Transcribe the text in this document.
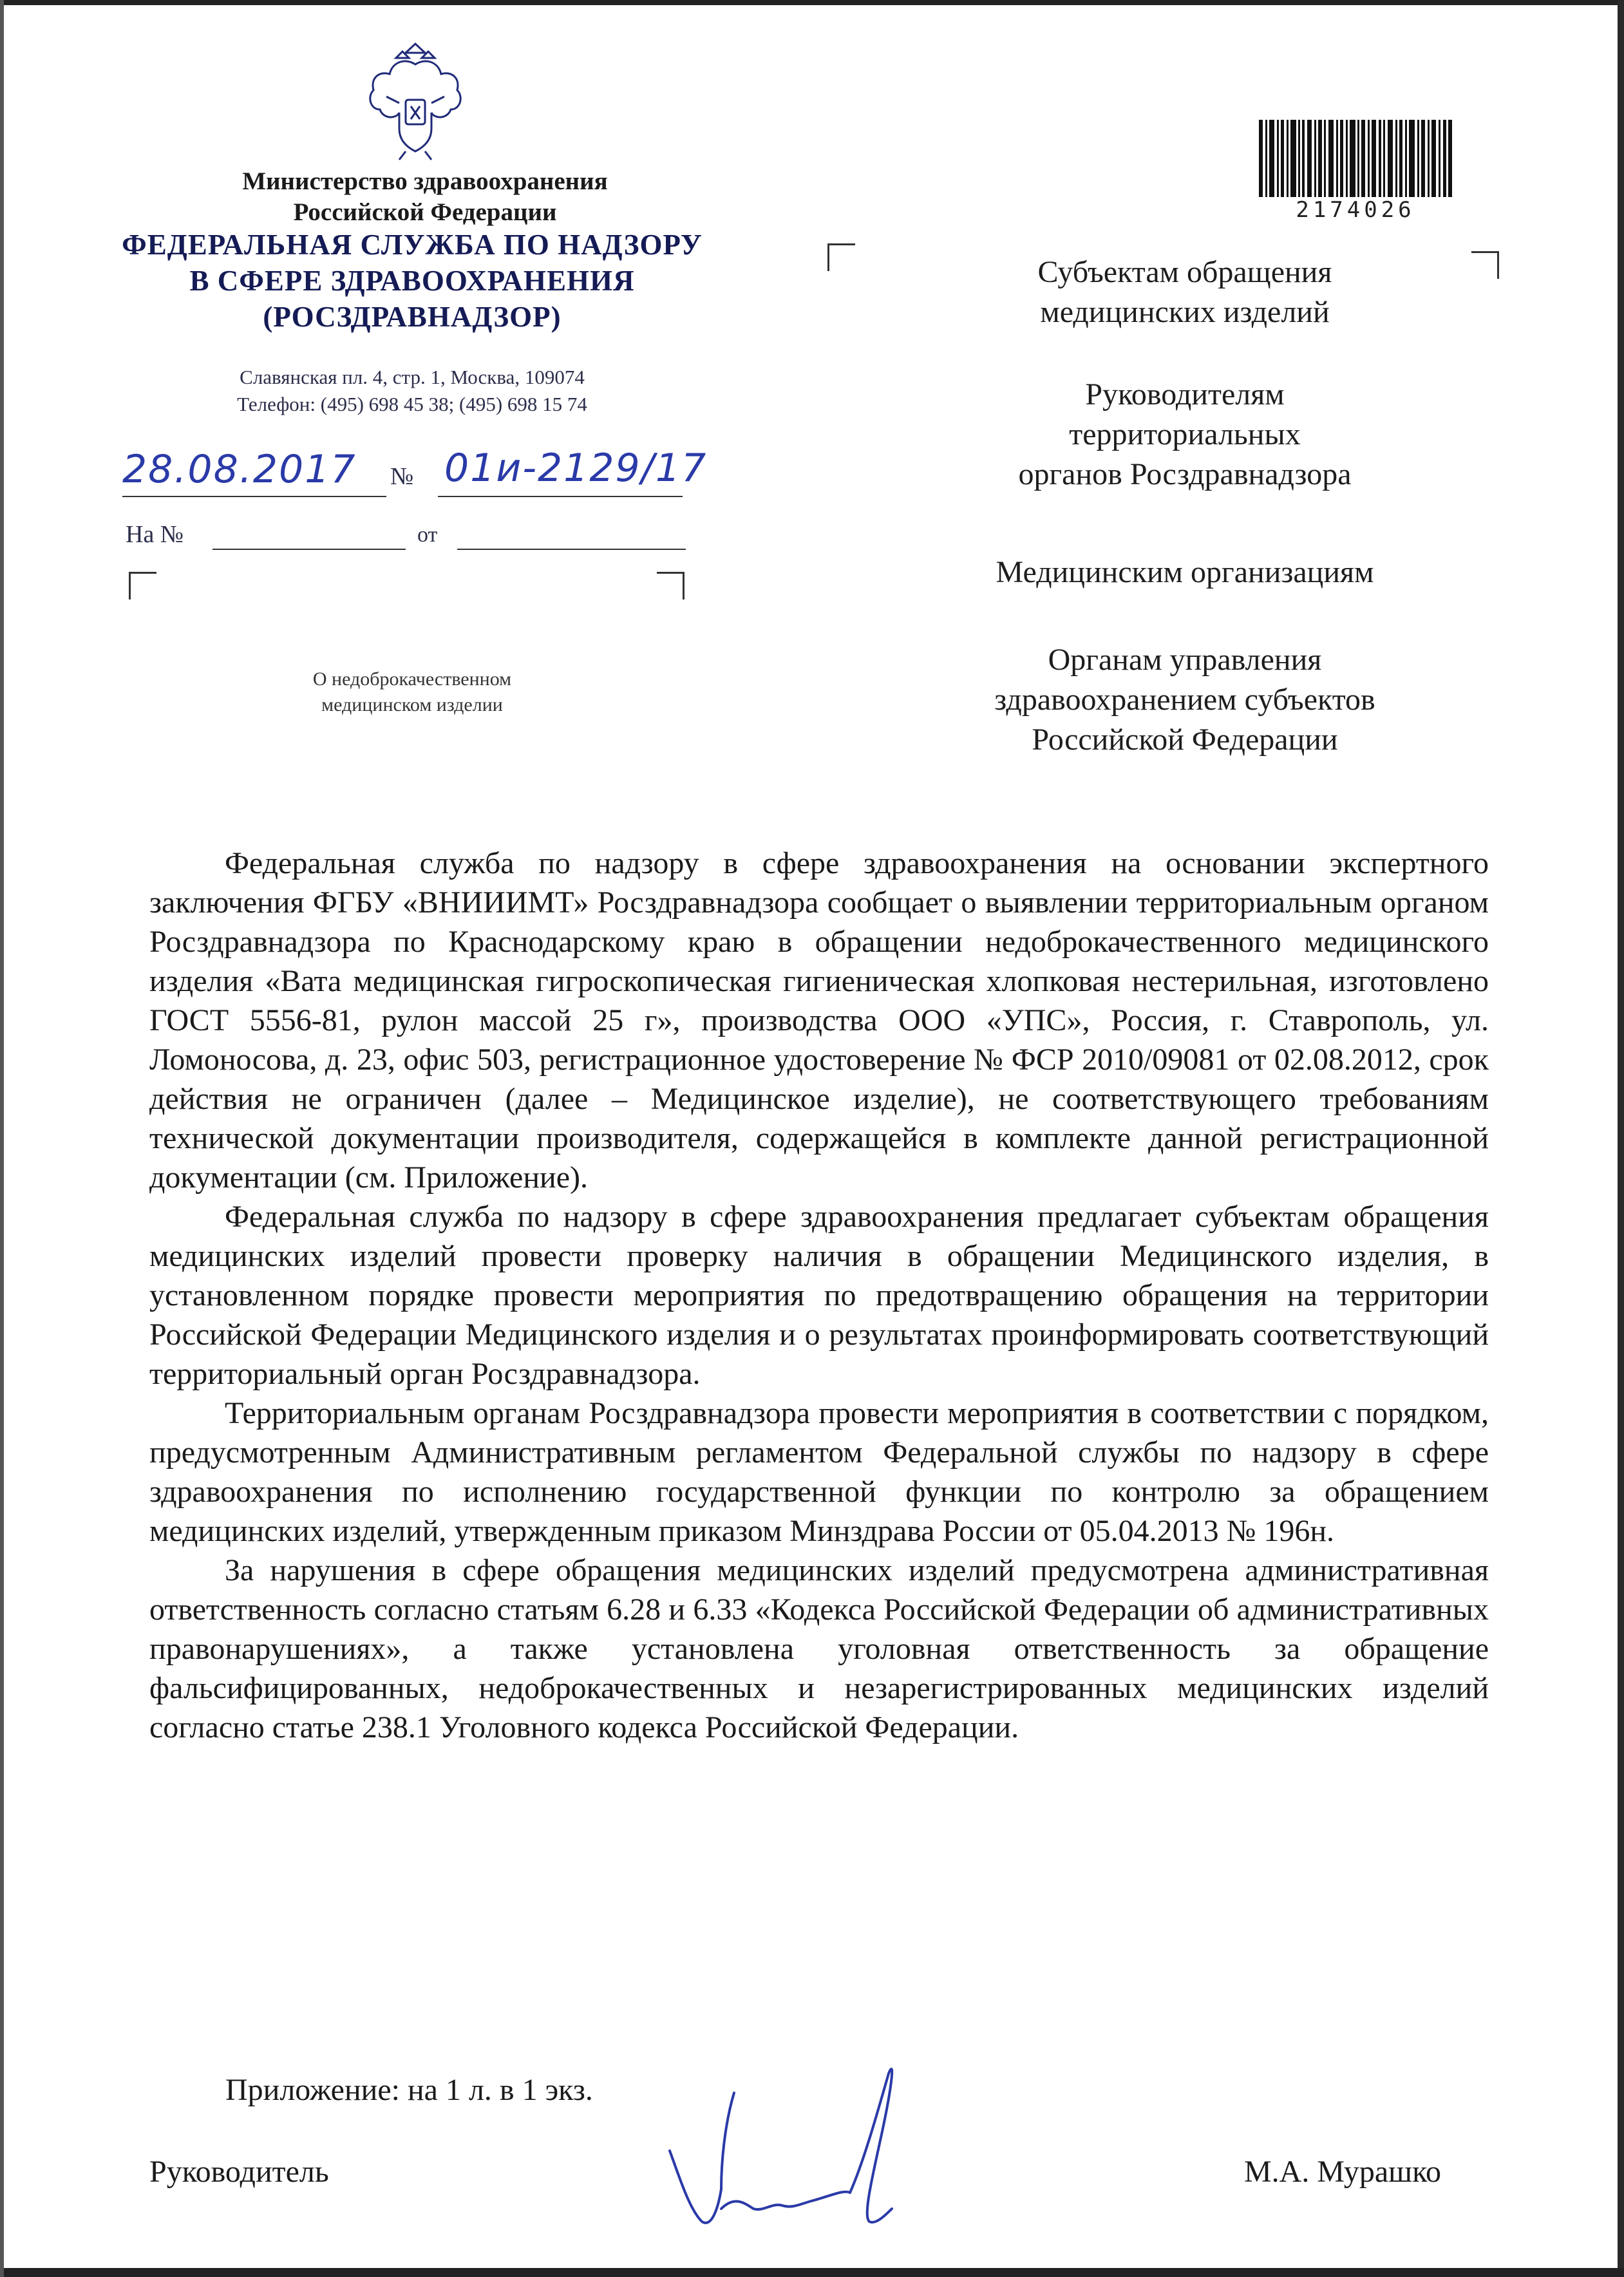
Министерство здравоохранения
Российской Федерации
ФЕДЕРАЛЬНАЯ СЛУЖБА ПО НАДЗОРУ
В СФЕРЕ ЗДРАВООХРАНЕНИЯ
(РОСЗДРАВНАДЗОР)
Славянская пл. 4, стр. 1, Москва, 109074
Телефон: (495) 698 45 38; (495) 698 15 74
28.08.2017 № 01и-2129/17
На №	от
О недоброкачественном
медицинском изделии
2174026
Субъектам обращения
медицинских изделий
Руководителям
территориальных
органов Росздравнадзора
Медицинским организациям
Органам управления
здравоохранением субъектов
Российской Федерации

Федеральная служба по надзору в сфере здравоохранения на основании экспертного заключения ФГБУ «ВНИИИМТ» Росздравнадзора сообщает о выявлении территориальным органом Росздравнадзора по Краснодарскому краю в обращении недоброкачественного медицинского изделия «Вата медицинская гигроскопическая гигиеническая хлопковая нестерильная, изготовлено ГОСТ 5556-81, рулон массой 25 г», производства ООО «УПС», Россия, г. Ставрополь, ул. Ломоносова, д. 23, офис 503, регистрационное удостоверение № ФСР 2010/09081 от 02.08.2012, срок действия не ограничен (далее – Медицинское изделие), не соответствующего требованиям технической документации производителя, содержащейся в комплекте данной регистрационной документации (см. Приложение).

Федеральная служба по надзору в сфере здравоохранения предлагает субъектам обращения медицинских изделий провести проверку наличия в обращении Медицинского изделия, в установленном порядке провести мероприятия по предотвращению обращения на территории Российской Федерации Медицинского изделия и о результатах проинформировать соответствующий территориальный орган Росздравнадзора.

Территориальным органам Росздравнадзора провести мероприятия в соответствии с порядком, предусмотренным Административным регламентом Федеральной службы по надзору в сфере здравоохранения по исполнению государственной функции по контролю за обращением медицинских изделий, утвержденным приказом Минздрава России от 05.04.2013 № 196н.

За нарушения в сфере обращения медицинских изделий предусмотрена административная ответственность согласно статьям 6.28 и 6.33 «Кодекса Российской Федерации об административных правонарушениях», а также установлена уголовная ответственность за обращение фальсифицированных, недоброкачественных и незарегистрированных медицинских изделий согласно статье 238.1 Уголовного кодекса Российской Федерации.

Приложение: на 1 л. в 1 экз.
Руководитель	М.А. Мурашко
